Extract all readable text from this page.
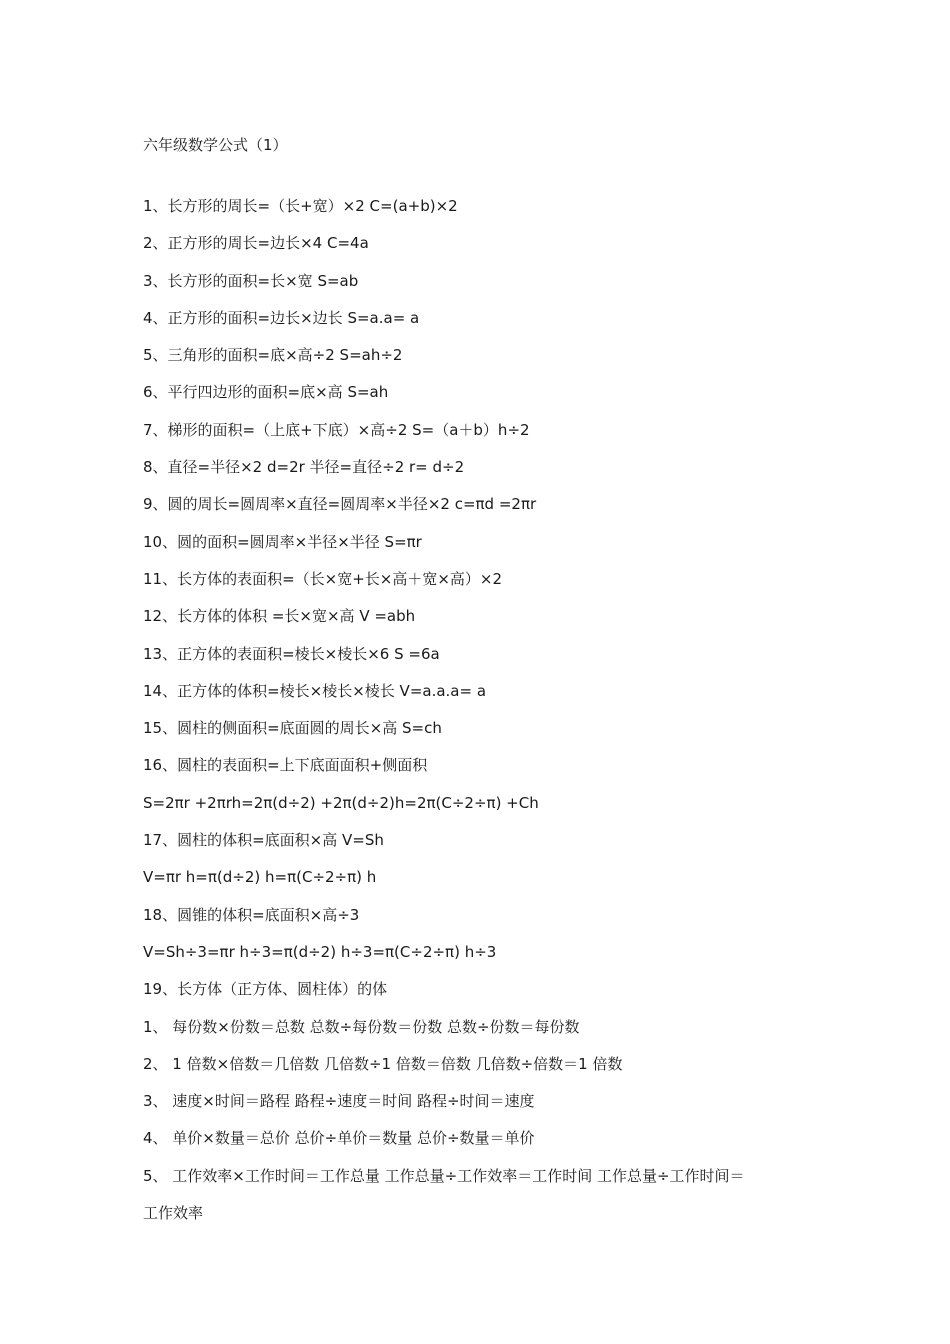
六年级数学公式（1）
1、长方形的周长=（长+宽）×2 C=(a+b)×2
2、正方形的周长=边长×4 C=4a
3、长方形的面积=长×宽 S=ab
4、正方形的面积=边长×边长 S=a.a= a
5、三角形的面积=底×高÷2 S=ah÷2
6、平行四边形的面积=底×高 S=ah
7、梯形的面积=（上底+下底）×高÷2 S=（a＋b）h÷2
8、直径=半径×2 d=2r 半径=直径÷2 r= d÷2
9、圆的周长=圆周率×直径=圆周率×半径×2 c=πd =2πr
10、圆的面积=圆周率×半径×半径 S=πr
11、长方体的表面积=（长×宽+长×高＋宽×高）×2
12、长方体的体积 =长×宽×高 V =abh
13、正方体的表面积=棱长×棱长×6 S =6a
14、正方体的体积=棱长×棱长×棱长 V=a.a.a= a
15、圆柱的侧面积=底面圆的周长×高 S=ch
16、圆柱的表面积=上下底面面积+侧面积
S=2πr +2πrh=2π(d÷2) +2π(d÷2)h=2π(C÷2÷π) +Ch
17、圆柱的体积=底面积×高 V=Sh
V=πr h=π(d÷2) h=π(C÷2÷π) h
18、圆锥的体积=底面积×高÷3
V=Sh÷3=πr h÷3=π(d÷2) h÷3=π(C÷2÷π) h÷3
19、长方体（正方体、圆柱体）的体
1、 每份数×份数＝总数 总数÷每份数＝份数 总数÷份数＝每份数
2、 1 倍数×倍数＝几倍数 几倍数÷1 倍数＝倍数 几倍数÷倍数＝1 倍数
3、 速度×时间＝路程 路程÷速度＝时间 路程÷时间＝速度
4、 单价×数量＝总价 总价÷单价＝数量 总价÷数量＝单价
5、 工作效率×工作时间＝工作总量 工作总量÷工作效率＝工作时间 工作总量÷工作时间＝
工作效率
